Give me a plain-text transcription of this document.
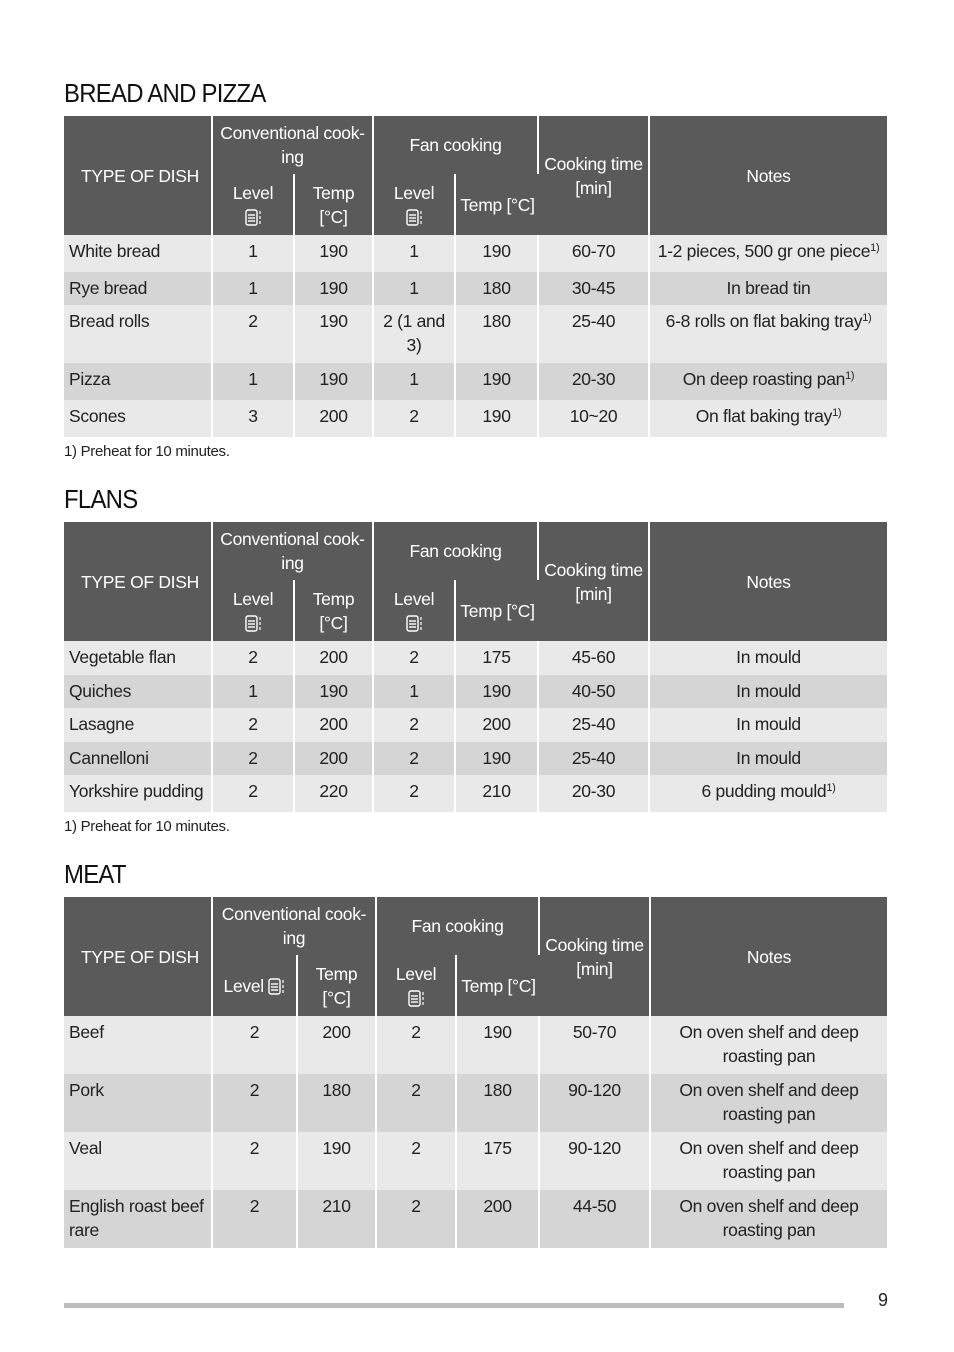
BREAD AND PIZZA
TYPE OF DISH	Conventional cook-ing		Fan cooking		Cooking time [min]	Notes
	Level	Temp [°C]	Level	Temp [°C]		
White bread	1	190	1	190	60-70	1-2 pieces, 500 gr one piece$^{1)}$
Rye bread	1	190	1	180	30-45	In bread tin
Bread rolls	2	190	2 (1 and 3)	180	25-40	6-8 rolls on flat baking tray$^{1)}$
Pizza	1	190	1	190	20-30	On deep roasting pan$^{1)}$
Scones	3	200	2	190	10~20	On flat baking tray$^{1)}$
1) Preheat for 10 minutes.
FLANS
TYPE OF DISH	Conventional cook-ing		Fan cooking		Cooking time [min]	Notes
	Level	Temp [°C]	Level	Temp [°C]		
Vegetable flan	2	200	2	175	45-60	In mould
Quiches	1	190	1	190	40-50	In mould
Lasagne	2	200	2	200	25-40	In mould
Cannelloni	2	200	2	190	25-40	In mould
Yorkshire pudding	2	220	2	210	20-30	6 pudding mould$^{1)}$
1) Preheat for 10 minutes.
MEAT
TYPE OF DISH	Conventional cook-ing		Fan cooking		Cooking time [min]	Notes
	Level	Temp [°C]	Level	Temp [°C]		
Beef	2	200	2	190	50-70	On oven shelf and deep roasting pan
Pork	2	180	2	180	90-120	On oven shelf and deep roasting pan
Veal	2	190	2	175	90-120	On oven shelf and deep roasting pan
English roast beef rare	2	210	2	200	44-50	On oven shelf and deep roasting pan
9
